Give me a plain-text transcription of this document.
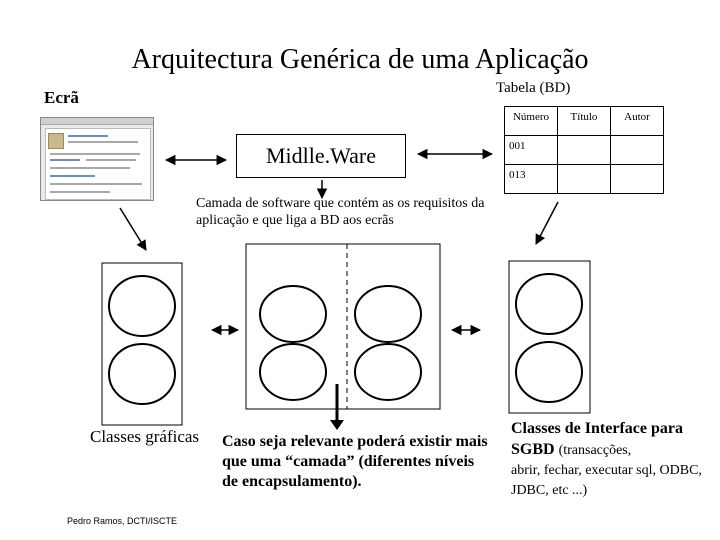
Arquitectura Genérica de uma Aplicação
Ecrã	Tabela (BD)
Midlle.Ware
Número	Título	Autor
001		
013		
Camada de software que contém as os requisitos da aplicação e que liga a BD aos ecrãs
Classes gráficas Caso seja relevante poderá existir mais que uma “camada” (diferentes níveis de encapsulamento).
Classes de Interface para SGBD (transacções,
abrir, fechar, executar sql, ODBC, JDBC, etc ...)
Pedro Ramos, DCTI/ISCTE
